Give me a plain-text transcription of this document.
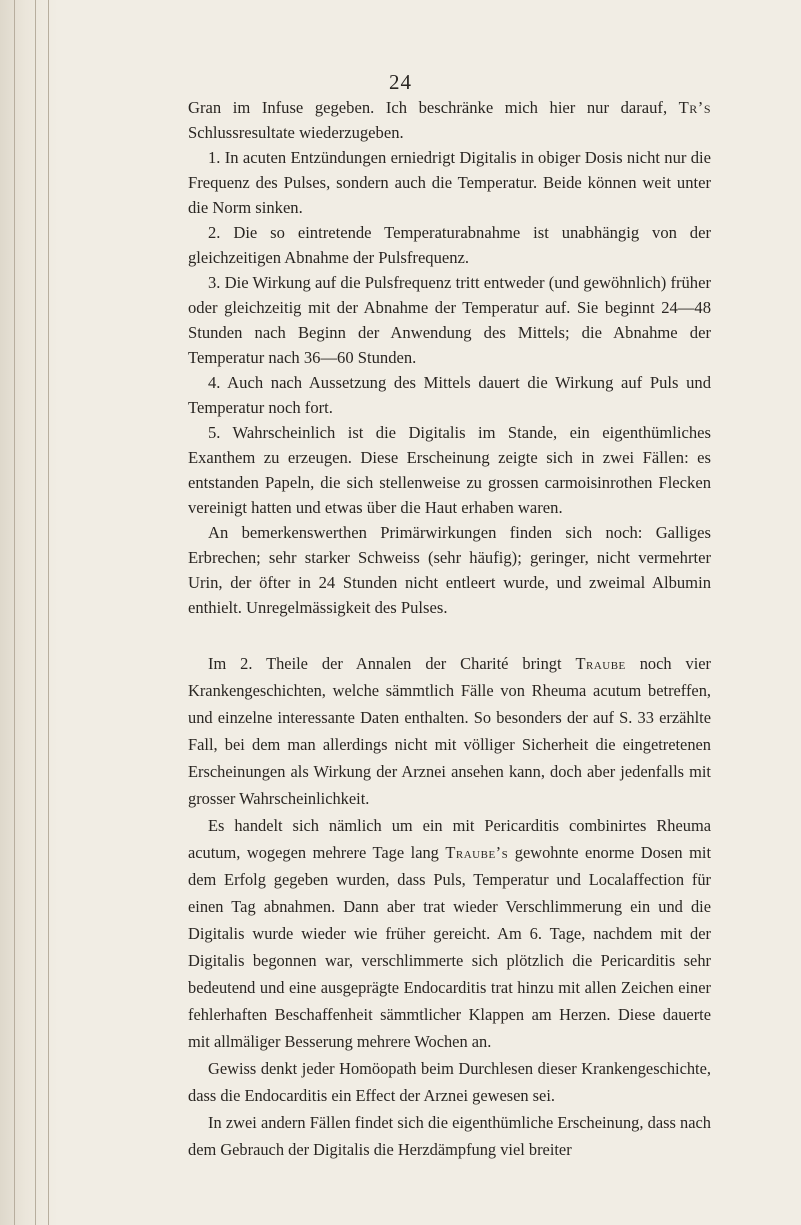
24

Gran im Infuse gegeben. Ich beschränke mich hier nur darauf, Tr’s Schlussresultate wiederzugeben.

1. In acuten Entzündungen erniedrigt Digitalis in obiger Dosis nicht nur die Frequenz des Pulses, sondern auch die Temperatur. Beide können weit unter die Norm sinken.

2. Die so eintretende Temperaturabnahme ist unabhängig von der gleichzeitigen Abnahme der Pulsfrequenz.

3. Die Wirkung auf die Pulsfrequenz tritt entweder (und gewöhnlich) früher oder gleichzeitig mit der Abnahme der Temperatur auf. Sie beginnt 24—48 Stunden nach Beginn der Anwendung des Mittels; die Abnahme der Temperatur nach 36—60 Stunden.

4. Auch nach Aussetzung des Mittels dauert die Wirkung auf Puls und Temperatur noch fort.

5. Wahrscheinlich ist die Digitalis im Stande, ein eigenthümliches Exanthem zu erzeugen. Diese Erscheinung zeigte sich in zwei Fällen: es entstanden Papeln, die sich stellenweise zu grossen carmoisinrothen Flecken vereinigt hatten und etwas über die Haut erhaben waren.

An bemerkenswerthen Primärwirkungen finden sich noch: Galliges Erbrechen; sehr starker Schweiss (sehr häufig); geringer, nicht vermehrter Urin, der öfter in 24 Stunden nicht entleert wurde, und zweimal Albumin enthielt. Unregelmässigkeit des Pulses.

Im 2. Theile der Annalen der Charité bringt Traube noch vier Krankengeschichten, welche sämmtlich Fälle von Rheuma acutum betreffen, und einzelne interessante Daten enthalten. So besonders der auf S. 33 erzählte Fall, bei dem man allerdings nicht mit völliger Sicherheit die eingetretenen Erscheinungen als Wirkung der Arznei ansehen kann, doch aber jedenfalls mit grosser Wahrscheinlichkeit.

Es handelt sich nämlich um ein mit Pericarditis combinirtes Rheuma acutum, wogegen mehrere Tage lang Traube’s gewohnte enorme Dosen mit dem Erfolg gegeben wurden, dass Puls, Temperatur und Localaffection für einen Tag abnahmen. Dann aber trat wieder Verschlimmerung ein und die Digitalis wurde wieder wie früher gereicht. Am 6. Tage, nachdem mit der Digitalis begonnen war, verschlimmerte sich plötzlich die Pericarditis sehr bedeutend und eine ausgeprägte Endocarditis trat hinzu mit allen Zeichen einer fehlerhaften Beschaffenheit sämmtlicher Klappen am Herzen. Diese dauerte mit allmäliger Besserung mehrere Wochen an.

Gewiss denkt jeder Homöopath beim Durchlesen dieser Krankengeschichte, dass die Endocarditis ein Effect der Arznei gewesen sei.

In zwei andern Fällen findet sich die eigenthümliche Erscheinung, dass nach dem Gebrauch der Digitalis die Herzdämpfung viel breiter
